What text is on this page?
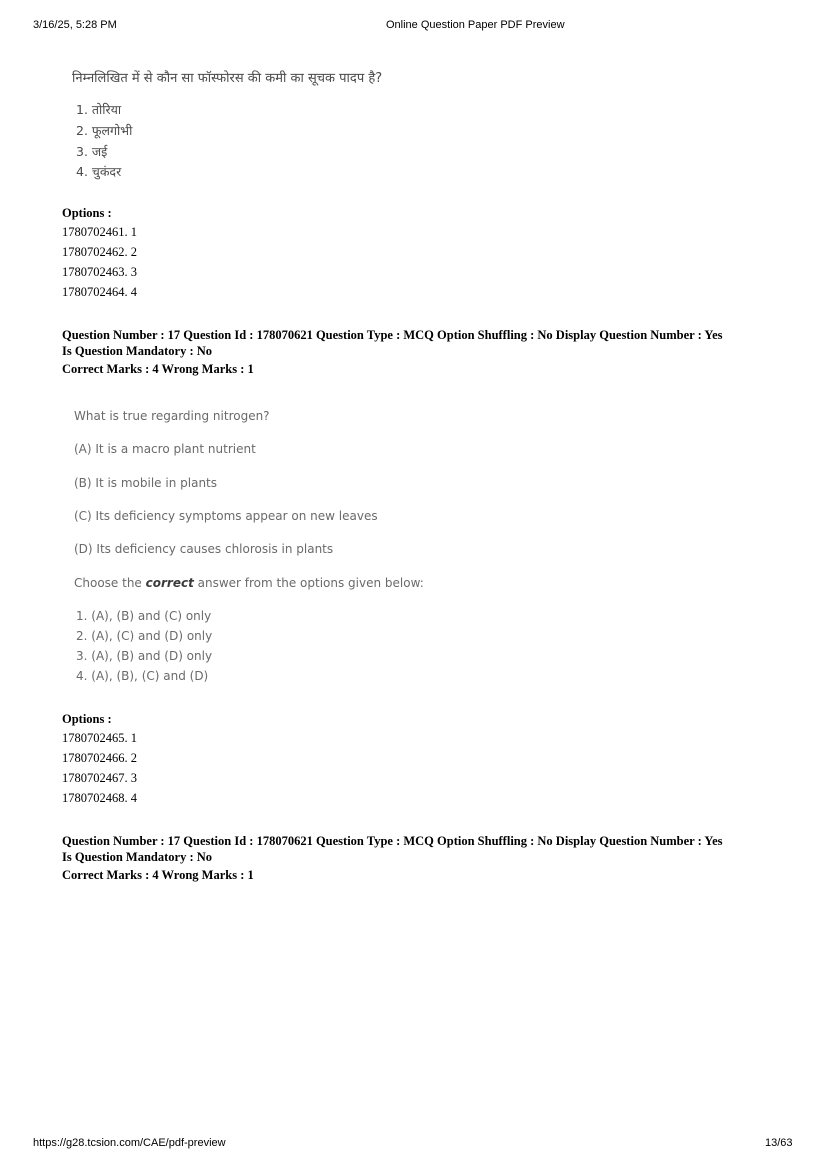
3/16/25, 5:28 PM	Online Question Paper PDF Preview
निम्नलिखित में से कौन सा फॉस्फोरस की कमी का सूचक पादप है?
1. तोरिया
2. फूलगोभी
3. जई
4. चुकंदर
Options :
1780702461. 1
1780702462. 2
1780702463. 3
1780702464. 4
Question Number : 17 Question Id : 178070621 Question Type : MCQ Option Shuffling : No Display Question Number : Yes
Is Question Mandatory : No
Correct Marks : 4 Wrong Marks : 1
What is true regarding nitrogen?
(A) It is a macro plant nutrient
(B) It is mobile in plants
(C) Its deficiency symptoms appear on new leaves
(D) Its deficiency causes chlorosis in plants
Choose the correct answer from the options given below:
1. (A), (B) and (C) only
2. (A), (C) and (D) only
3. (A), (B) and (D) only
4. (A), (B), (C) and (D)
Options :
1780702465. 1
1780702466. 2
1780702467. 3
1780702468. 4
Question Number : 17 Question Id : 178070621 Question Type : MCQ Option Shuffling : No Display Question Number : Yes
Is Question Mandatory : No
Correct Marks : 4 Wrong Marks : 1
https://g28.tcsion.com/CAE/pdf-preview	13/63
